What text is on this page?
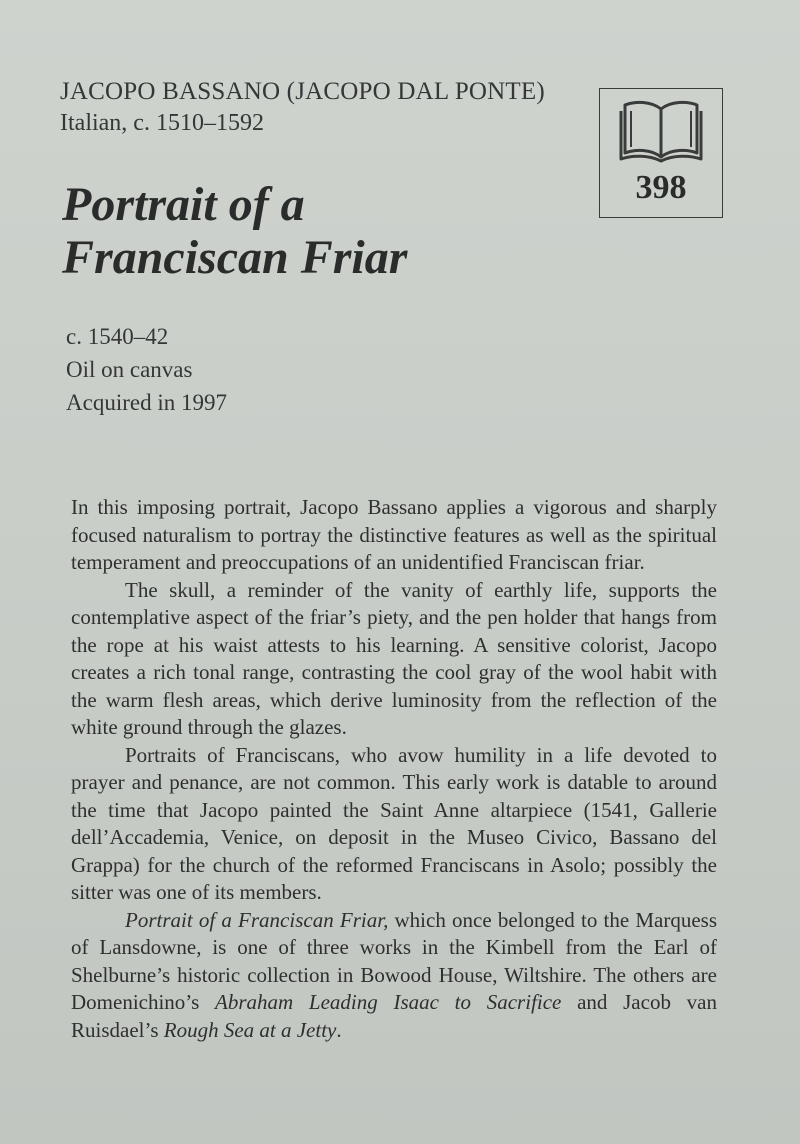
JACOPO BASSANO (JACOPO DAL PONTE)
Italian, c. 1510–1592
Portrait of a
Franciscan Friar
c. 1540–42
Oil on canvas
Acquired in 1997
398

In this imposing portrait, Jacopo Bassano applies a vigorous and sharply focused naturalism to portray the distinctive features as well as the spiritual temperament and preoccupations of an unidentified Franciscan friar.

The skull, a reminder of the vanity of earthly life, supports the contemplative aspect of the friar’s piety, and the pen holder that hangs from the rope at his waist attests to his learning. A sensitive colorist, Jacopo creates a rich tonal range, contrasting the cool gray of the wool habit with the warm flesh areas, which derive luminosity from the reflection of the white ground through the glazes.

Portraits of Franciscans, who avow humility in a life devoted to prayer and penance, are not common. This early work is datable to around the time that Jacopo painted the Saint Anne altarpiece (1541, Gallerie dell’Accademia, Venice, on deposit in the Museo Civico, Bassano del Grappa) for the church of the reformed Franciscans in Asolo; possibly the sitter was one of its members.

Portrait of a Franciscan Friar, which once belonged to the Marquess of Lansdowne, is one of three works in the Kimbell from the Earl of Shelburne’s historic collection in Bowood House, Wiltshire. The others are Domenichino’s Abraham Leading Isaac to Sacrifice and Jacob van Ruisdael’s Rough Sea at a Jetty.
